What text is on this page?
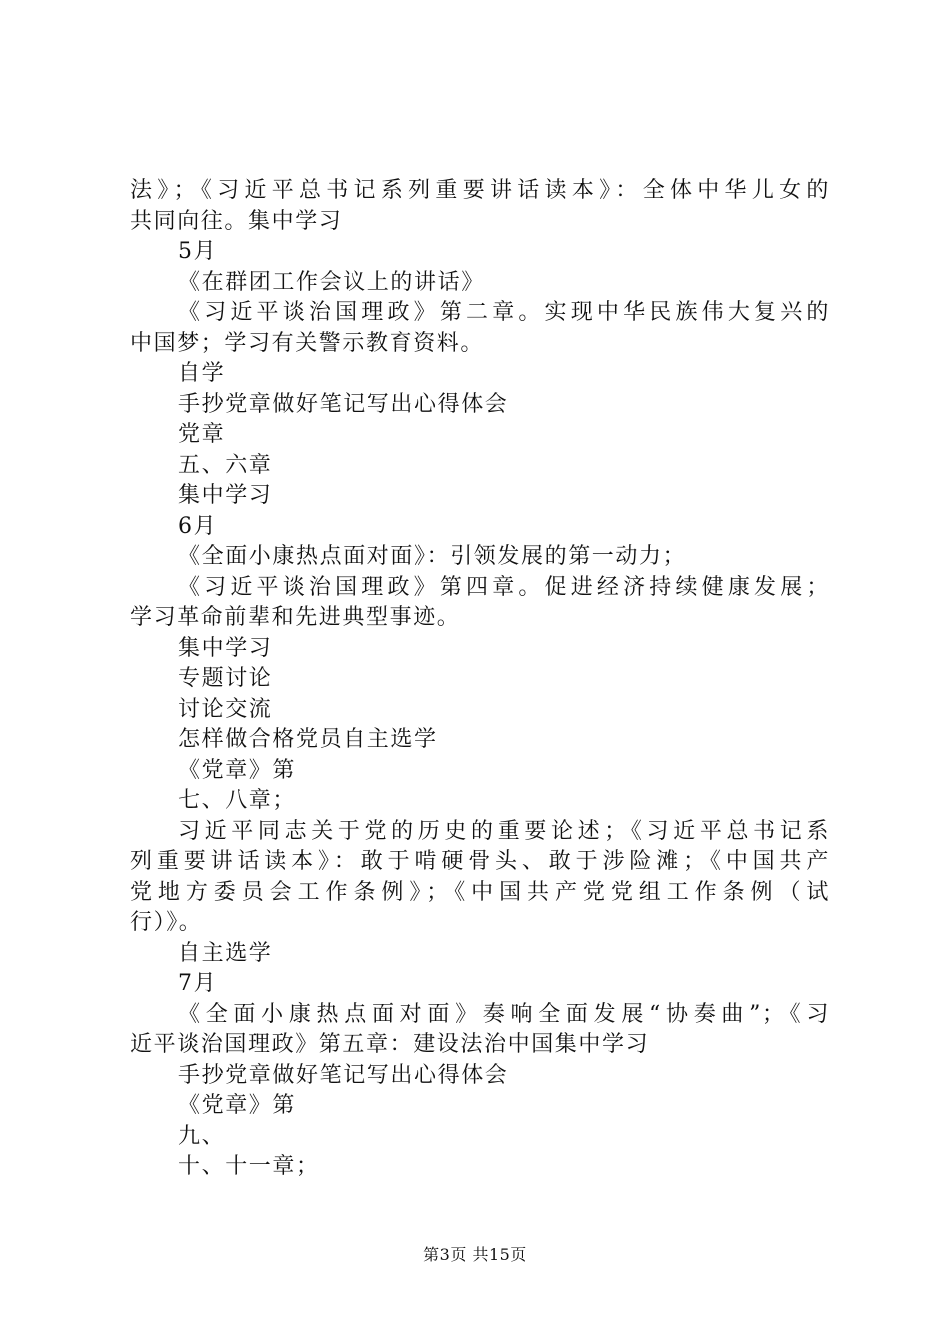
法》；《习近平总书记系列重要讲话读本》：全体中华儿女的

共同向往。集中学习

5月

《在群团工作会议上的讲话》

《习近平谈治国理政》第二章。实现中华民族伟大复兴的

中国梦；学习有关警示教育资料。

自学

手抄党章做好笔记写出心得体会

党章

五、六章

集中学习

6月

《全面小康热点面对面》：引领发展的第一动力；

《习近平谈治国理政》第四章。促进经济持续健康发展；

学习革命前辈和先进典型事迹。

集中学习

专题讨论

讨论交流

怎样做合格党员自主选学

《党章》第

七、八章；

习近平同志关于党的历史的重要论述；《习近平总书记系

列重要讲话读本》：敢于啃硬骨头、敢于涉险滩；《中国共产

党地方委员会工作条例》；《中国共产党党组工作条例（试

行）》。

自主选学

7月

《全面小康热点面对面》奏响全面发展“协奏曲”；《习

近平谈治国理政》第五章：建设法治中国集中学习

手抄党章做好笔记写出心得体会

《党章》第

九、

十、十一章；

第3页 共15页
